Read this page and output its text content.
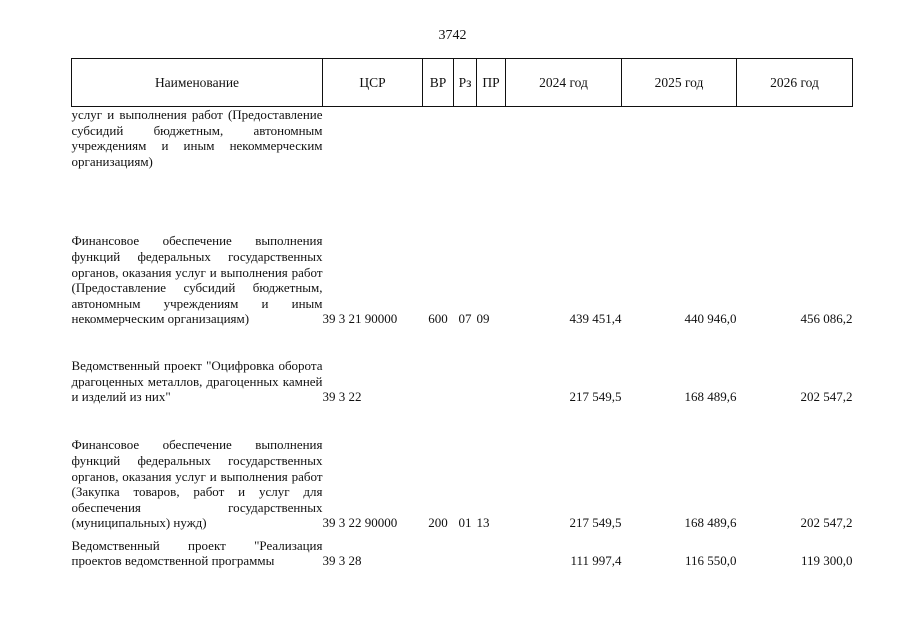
3742
Наименование	ЦСР	ВР	Рз	ПР	2024 год	2025 год	2026 год
услуг и выполнения работ (Предоставление субсидий бюджетным, автономным учреждениям и иным некоммерческим организациям)							
Финансовое обеспечение выполнения функций федеральных государственных органов, оказания услуг и выполнения работ (Предоставление субсидий бюджетным, автономным учреждениям и иным некоммерческим организациям)	39 3 21 90000	600	07	09	439 451,4	440 946,0	456 086,2
Ведомственный проект "Оцифровка оборота драгоценных металлов, драгоценных камней и изделий из них"	39 3 22				217 549,5	168 489,6	202 547,2
Финансовое обеспечение выполнения функций федеральных государственных органов, оказания услуг и выполнения работ (Закупка товаров, работ и услуг для обеспечения государственных (муниципальных) нужд)	39 3 22 90000	200	01	13	217 549,5	168 489,6	202 547,2
Ведомственный проект "Реализация проектов ведомственной программы	39 3 28				111 997,4	116 550,0	119 300,0
